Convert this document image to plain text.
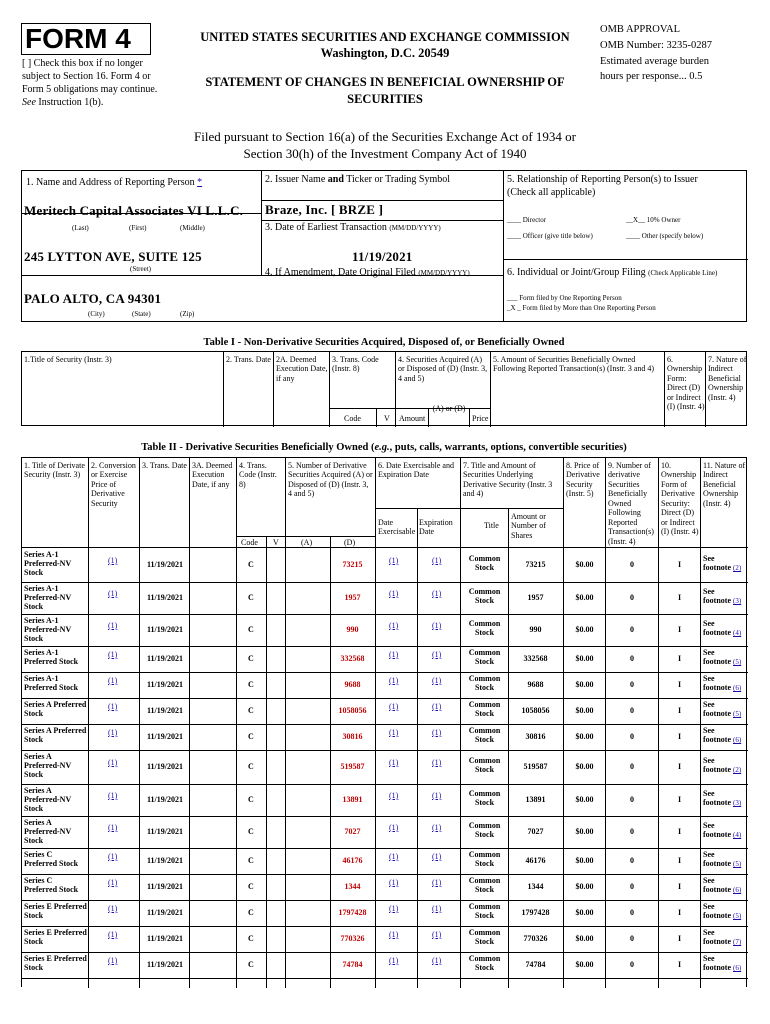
FORM 4
[ ] Check this box if no longer subject to Section 16. Form 4 or Form 5 obligations may continue. See Instruction 1(b).
UNITED STATES SECURITIES AND EXCHANGE COMMISSION
Washington, D.C. 20549
STATEMENT OF CHANGES IN BENEFICIAL OWNERSHIP OF
SECURITIES
OMB APPROVAL
OMB Number: 3235-0287
Estimated average burden
hours per response... 0.5
Filed pursuant to Section 16(a) of the Securities Exchange Act of 1934 or
Section 30(h) of the Investment Company Act of 1940
1. Name and Address of Reporting Person *
Meritech Capital Associates VI L.L.C.
(Last)	(First)	(Middle)
245 LYTTON AVE, SUITE 125
(Street)
PALO ALTO, CA 94301
(City)	(State)	(Zip)
2. Issuer Name and Ticker or Trading Symbol
Braze, Inc. [ BRZE ]
3. Date of Earliest Transaction (MM/DD/YYYY)
11/19/2021
4. If Amendment, Date Original Filed (MM/DD/YYYY)
5. Relationship of Reporting Person(s) to Issuer
(Check all applicable)
____ Director	__X__ 10% Owner
____ Officer (give title below)	____ Other (specify below)
6. Individual or Joint/Group Filing (Check Applicable Line)
___ Form filed by One Reporting Person
_X _ Form filed by More than One Reporting Person
Table I - Non-Derivative Securities Acquired, Disposed of, or Beneficially Owned
1.Title of Security (Instr. 3)	2. Trans. Date 2A. Deemed Execution Date, if any
3. Trans. Code (Instr. 8)
4. Securities Acquired (A) or Disposed of (D) (Instr. 3, 4 and 5)
5. Amount of Securities Beneficially Owned Following Reported Transaction(s) (Instr. 3 and 4)
6. Ownership Form: Direct (D) or Indirect (I) (Instr. 4)
7. Nature of Indirect Beneficial Ownership (Instr. 4)
Code	V Amount
(A) or (D)
Price
Table II - Derivative Securities Beneficially Owned (e.g., puts, calls, warrants, options, convertible securities)
1. Title of Derivate Security (Instr. 3)
2. Conversion or Exercise Price of Derivative Security
3. Trans. Date 3A. Deemed Execution Date, if any
4. Trans. Code (Instr. 8)
5. Number of Derivative Securities Acquired (A) or Disposed of (D) (Instr. 3, 4 and 5)
6. Date Exercisable and Expiration Date
7. Title and Amount of Securities Underlying Derivative Security (Instr. 3 and 4)
8. Price of Derivative Security (Instr. 5)
9. Number of derivative Securities Beneficially Owned Following Reported Transaction(s) (Instr. 4)
10. Ownership Form of Derivative Security: Direct (D) or Indirect (I) (Instr. 4)
11. Nature of Indirect Beneficial Ownership (Instr. 4)
Code V	(A)	(D)
Date Exercisable
Expiration Date
Title
Amount or Number of Shares
Series A-1 Preferred-NV Stock
(1)	11/19/2021	C	73215	(1)	(1)	Common Stock	73215	$0.00	0	I
See
footnote (2)
Series A-1 Preferred-NV Stock
(1)	11/19/2021	C	1957	(1)	(1)	Common Stock	1957	$0.00	0	I
See
footnote (3)
Series A-1 Preferred-NV Stock
(1)	11/19/2021	C	990	(1)	(1)	Common Stock	990	$0.00	0	I
See
footnote (4)
Series A-1 Preferred Stock
(1)	11/19/2021	C	332568	(1)	(1)	Common Stock	332568	$0.00	0	I
See
footnote (5)
Series A-1 Preferred Stock
(1)	11/19/2021	C	9688	(1)	(1)	Common Stock	9688	$0.00	0	I
See
footnote (6)
Series A Preferred Stock
(1)	11/19/2021	C	1058056	(1)	(1)	Common Stock	1058056	$0.00	0	I
See
footnote (5)
Series A Preferred Stock
(1)	11/19/2021	C	30816	(1)	(1)	Common Stock	30816	$0.00	0	I
See
footnote (6)
Series A Preferred-NV Stock
(1)	11/19/2021	C	519587	(1)	(1)	Common Stock	519587	$0.00	0	I
See
footnote (2)
Series A Preferred-NV Stock
(1)	11/19/2021	C	13891	(1)	(1)	Common Stock	13891	$0.00	0	I
See
footnote (3)
Series A Preferred-NV Stock
(1)	11/19/2021	C	7027	(1)	(1)	Common Stock	7027	$0.00	0	I
See
footnote (4)
Series C Preferred Stock
(1)	11/19/2021	C	46176	(1)	(1)	Common Stock	46176	$0.00	0	I
See
footnote (5)
Series C Preferred Stock
(1)	11/19/2021	C	1344	(1)	(1)	Common Stock	1344	$0.00	0	I
See
footnote (6)
Series E Preferred Stock
(1)	11/19/2021	C	1797428	(1)	(1)	Common Stock	1797428	$0.00	0	I
See
footnote (5)
Series E Preferred Stock
(1)	11/19/2021	C	770326	(1)	(1)	Common Stock	770326	$0.00	0	I
See
footnote (7)
Series E Preferred Stock
(1)	11/19/2021	C	74784	(1)	(1)	Common Stock	74784	$0.00	0	I
See
footnote (6)
